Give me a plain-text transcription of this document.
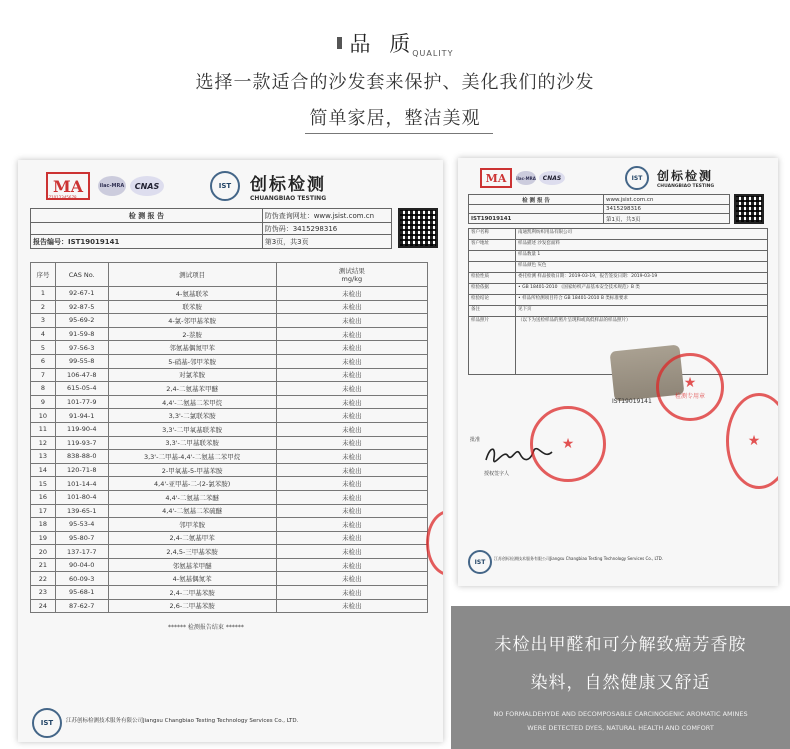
品 质QUALITY
选择一款适合的沙发套来保护、美化我们的沙发
简单家居，整洁美观
MA	ilac-MRA	CNAS	IST	创标检测
CHUANGBIAO TESTING
171012345678
检 测 报 告	防伪查询网址：www.jsist.com.cn
	防伪码：3415298316
报告编号：IST19019141	第3页，共3页
序号	CAS No.	测试项目	测试结果
mg/kg

1	92-67-1	4-氨基联苯	未检出
2	92-87-5	联苯胺	未检出
3	95-69-2	4-氯-邻甲基苯胺	未检出
4	91-59-8	2-萘胺	未检出
5	97-56-3	邻氨基偶氮甲苯	未检出
6	99-55-8	5-硝基-邻甲苯胺	未检出
7	106-47-8	对氯苯胺	未检出
8	615-05-4	2,4-二氨基苯甲醚	未检出
9	101-77-9	4,4'-二氨基二苯甲烷	未检出
10	91-94-1	3,3'-二氯联苯胺	未检出
11	119-90-4	3,3'-二甲氧基联苯胺	未检出
12	119-93-7	3,3'-二甲基联苯胺	未检出
13	838-88-0	3,3'-二甲基-4,4'-二氨基二苯甲烷	未检出
14	120-71-8	2-甲氧基-5-甲基苯胺	未检出
15	101-14-4	4,4'-亚甲基-二-(2-氯苯胺)	未检出
16	101-80-4	4,4'-二氨基二苯醚	未检出
17	139-65-1	4,4'-二氨基二苯硫醚	未检出
18	95-53-4	邻甲苯胺	未检出
19	95-80-7	2,4-二氨基甲苯	未检出
20	137-17-7	2,4,5-三甲基苯胺	未检出
21	90-04-0	邻氨基苯甲醚	未检出
22	60-09-3	4-氨基偶氮苯	未检出
23	95-68-1	2,4-二甲基苯胺	未检出
24	87-62-7	2,6-二甲基苯胺	未检出
****** 检测报告结束 ******
IST	江苏创标检测技术服务有限公司Jiangsu Changbiao Testing Technology Services Co., LTD.
MA	ilac-MRA	CNAS	IST	创标检测
CHUANGBIAO TESTING
检 测 报 告	www.jsist.com.cn
	3415298316
IST19019141	第1页，共3页
客户名称	南通凯利纺织用品有限公司
客户地址	样品描述 沙发套面料
	样品数量 1
	样品颜色 灰色
检验性质	委托检测 样品接收日期：2019-03-19，报告签发日期：2019-03-19
检验依据	• GB 18401-2010 《国家纺织产品基本安全技术规范》B 类
检验结论	• 样品所检测项目符合 GB 18401-2010 B 类标准要求
备注	见下页
样品照片	（以下为送检样品的照片呈现和或高低样品的样品照片）
IST19019141
★
检测专用章
★
批准
授权签字人
★
IST	江苏创标检测技术服务有限公司Jiangsu Changbiao Testing Technology Services Co., LTD.
未检出甲醛和可分解致癌芳香胺
染料，自然健康又舒适
NO FORMALDEHYDE AND DECOMPOSABLE CARCINOGENIC AROMATIC AMINES
WERE DETECTED DYES, NATURAL HEALTH AND COMFORT
